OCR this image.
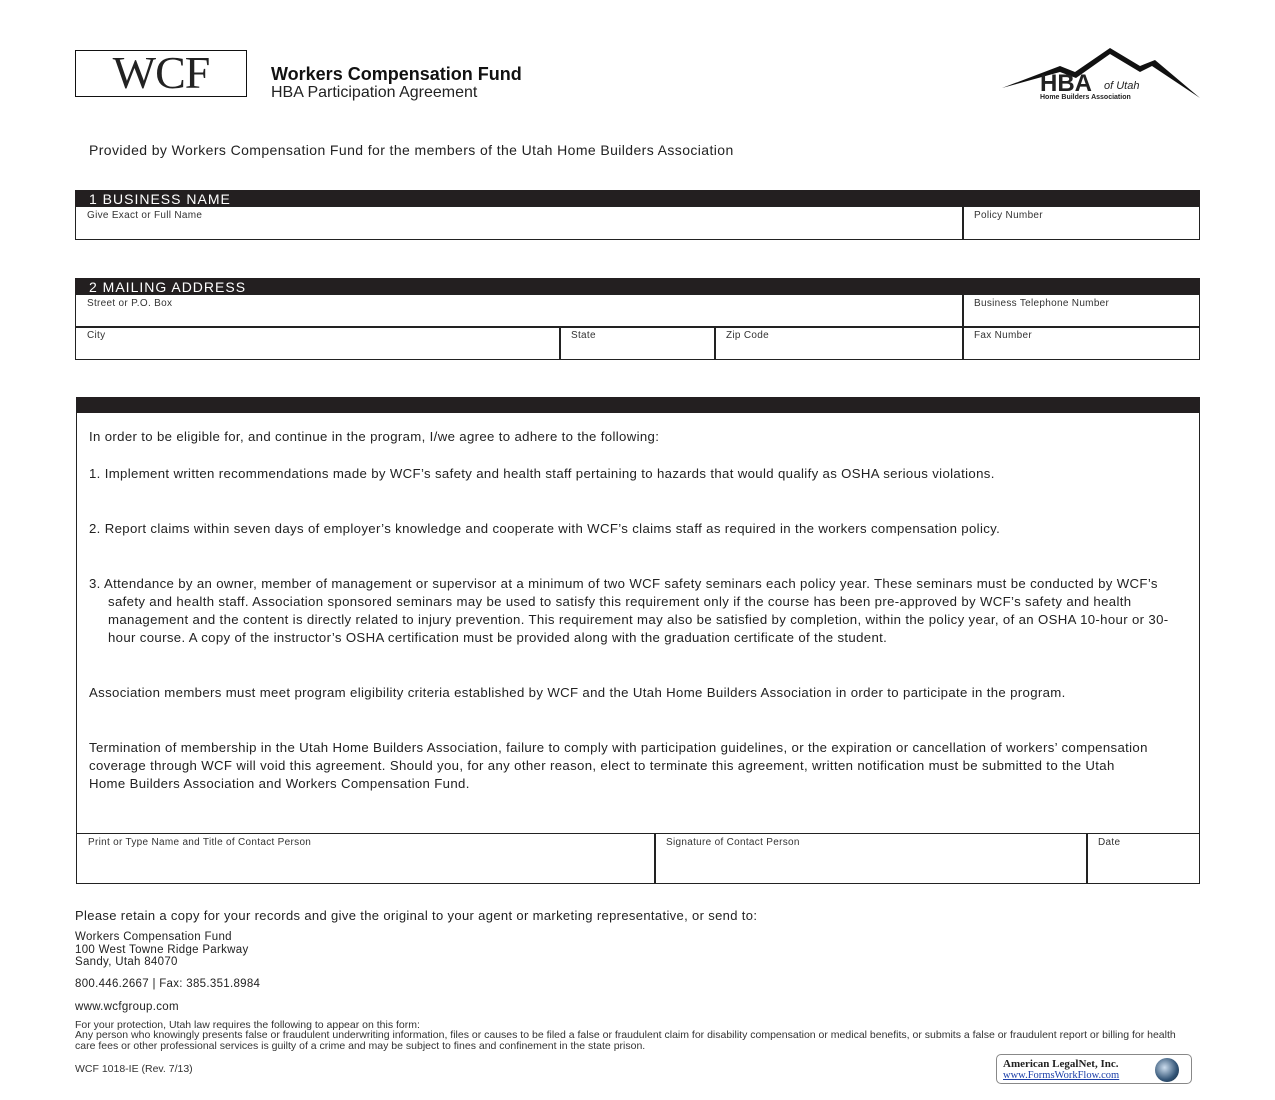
WCF	Workers Compensation Fund
HBA Participation Agreement	HBA of Utah
Home Builders Association
Provided by Workers Compensation Fund for the members of the Utah Home Builders Association
1 BUSINESS NAME
Give Exact or Full Name	Policy Number
2 MAILING ADDRESS
Street or P.O. Box	Business Telephone Number
City	State	Zip Code	Fax Number
In order to be eligible for, and continue in the program, I/we agree to adhere to the following:
1. Implement written recommendations made by WCF’s safety and health staff pertaining to hazards that would qualify as OSHA serious violations.
2. Report claims within seven days of employer’s knowledge and cooperate with WCF’s claims staff as required in the workers compensation policy.
3. Attendance by an owner, member of management or supervisor at a minimum of two WCF safety seminars each policy year. These seminars must be conducted by WCF’s safety and health staff. Association sponsored seminars may be used to satisfy this requirement only if the course has been pre-approved by WCF’s safety and health management and the content is directly related to injury prevention. This requirement may also be satisfied by completion, within the policy year, of an OSHA 10-hour or 30-hour course. A copy of the instructor’s OSHA certification must be provided along with the graduation certificate of the student.
Association members must meet program eligibility criteria established by WCF and the Utah Home Builders Association in order to participate in the program.
Termination of membership in the Utah Home Builders Association, failure to comply with participation guidelines, or the expiration or cancellation of workers’ compensation coverage through WCF will void this agreement. Should you, for any other reason, elect to terminate this agreement, written notification must be submitted to the Utah Home Builders Association and Workers Compensation Fund.
Print or Type Name and Title of Contact Person	Signature of Contact Person	Date
Please retain a copy for your records and give the original to your agent or marketing representative, or send to:
Workers Compensation Fund
100 West Towne Ridge Parkway
Sandy, Utah 84070
800.446.2667 | Fax: 385.351.8984
www.wcfgroup.com
For your protection, Utah law requires the following to appear on this form:
Any person who knowingly presents false or fraudulent underwriting information, files or causes to be filed a false or fraudulent claim for disability compensation or medical benefits, or submits a false or fraudulent report or billing for health care fees or other professional services is guilty of a crime and may be subject to fines and confinement in the state prison.
WCF 1018-IE (Rev. 7/13)	American LegalNet, Inc.
www.FormsWorkFlow.com
